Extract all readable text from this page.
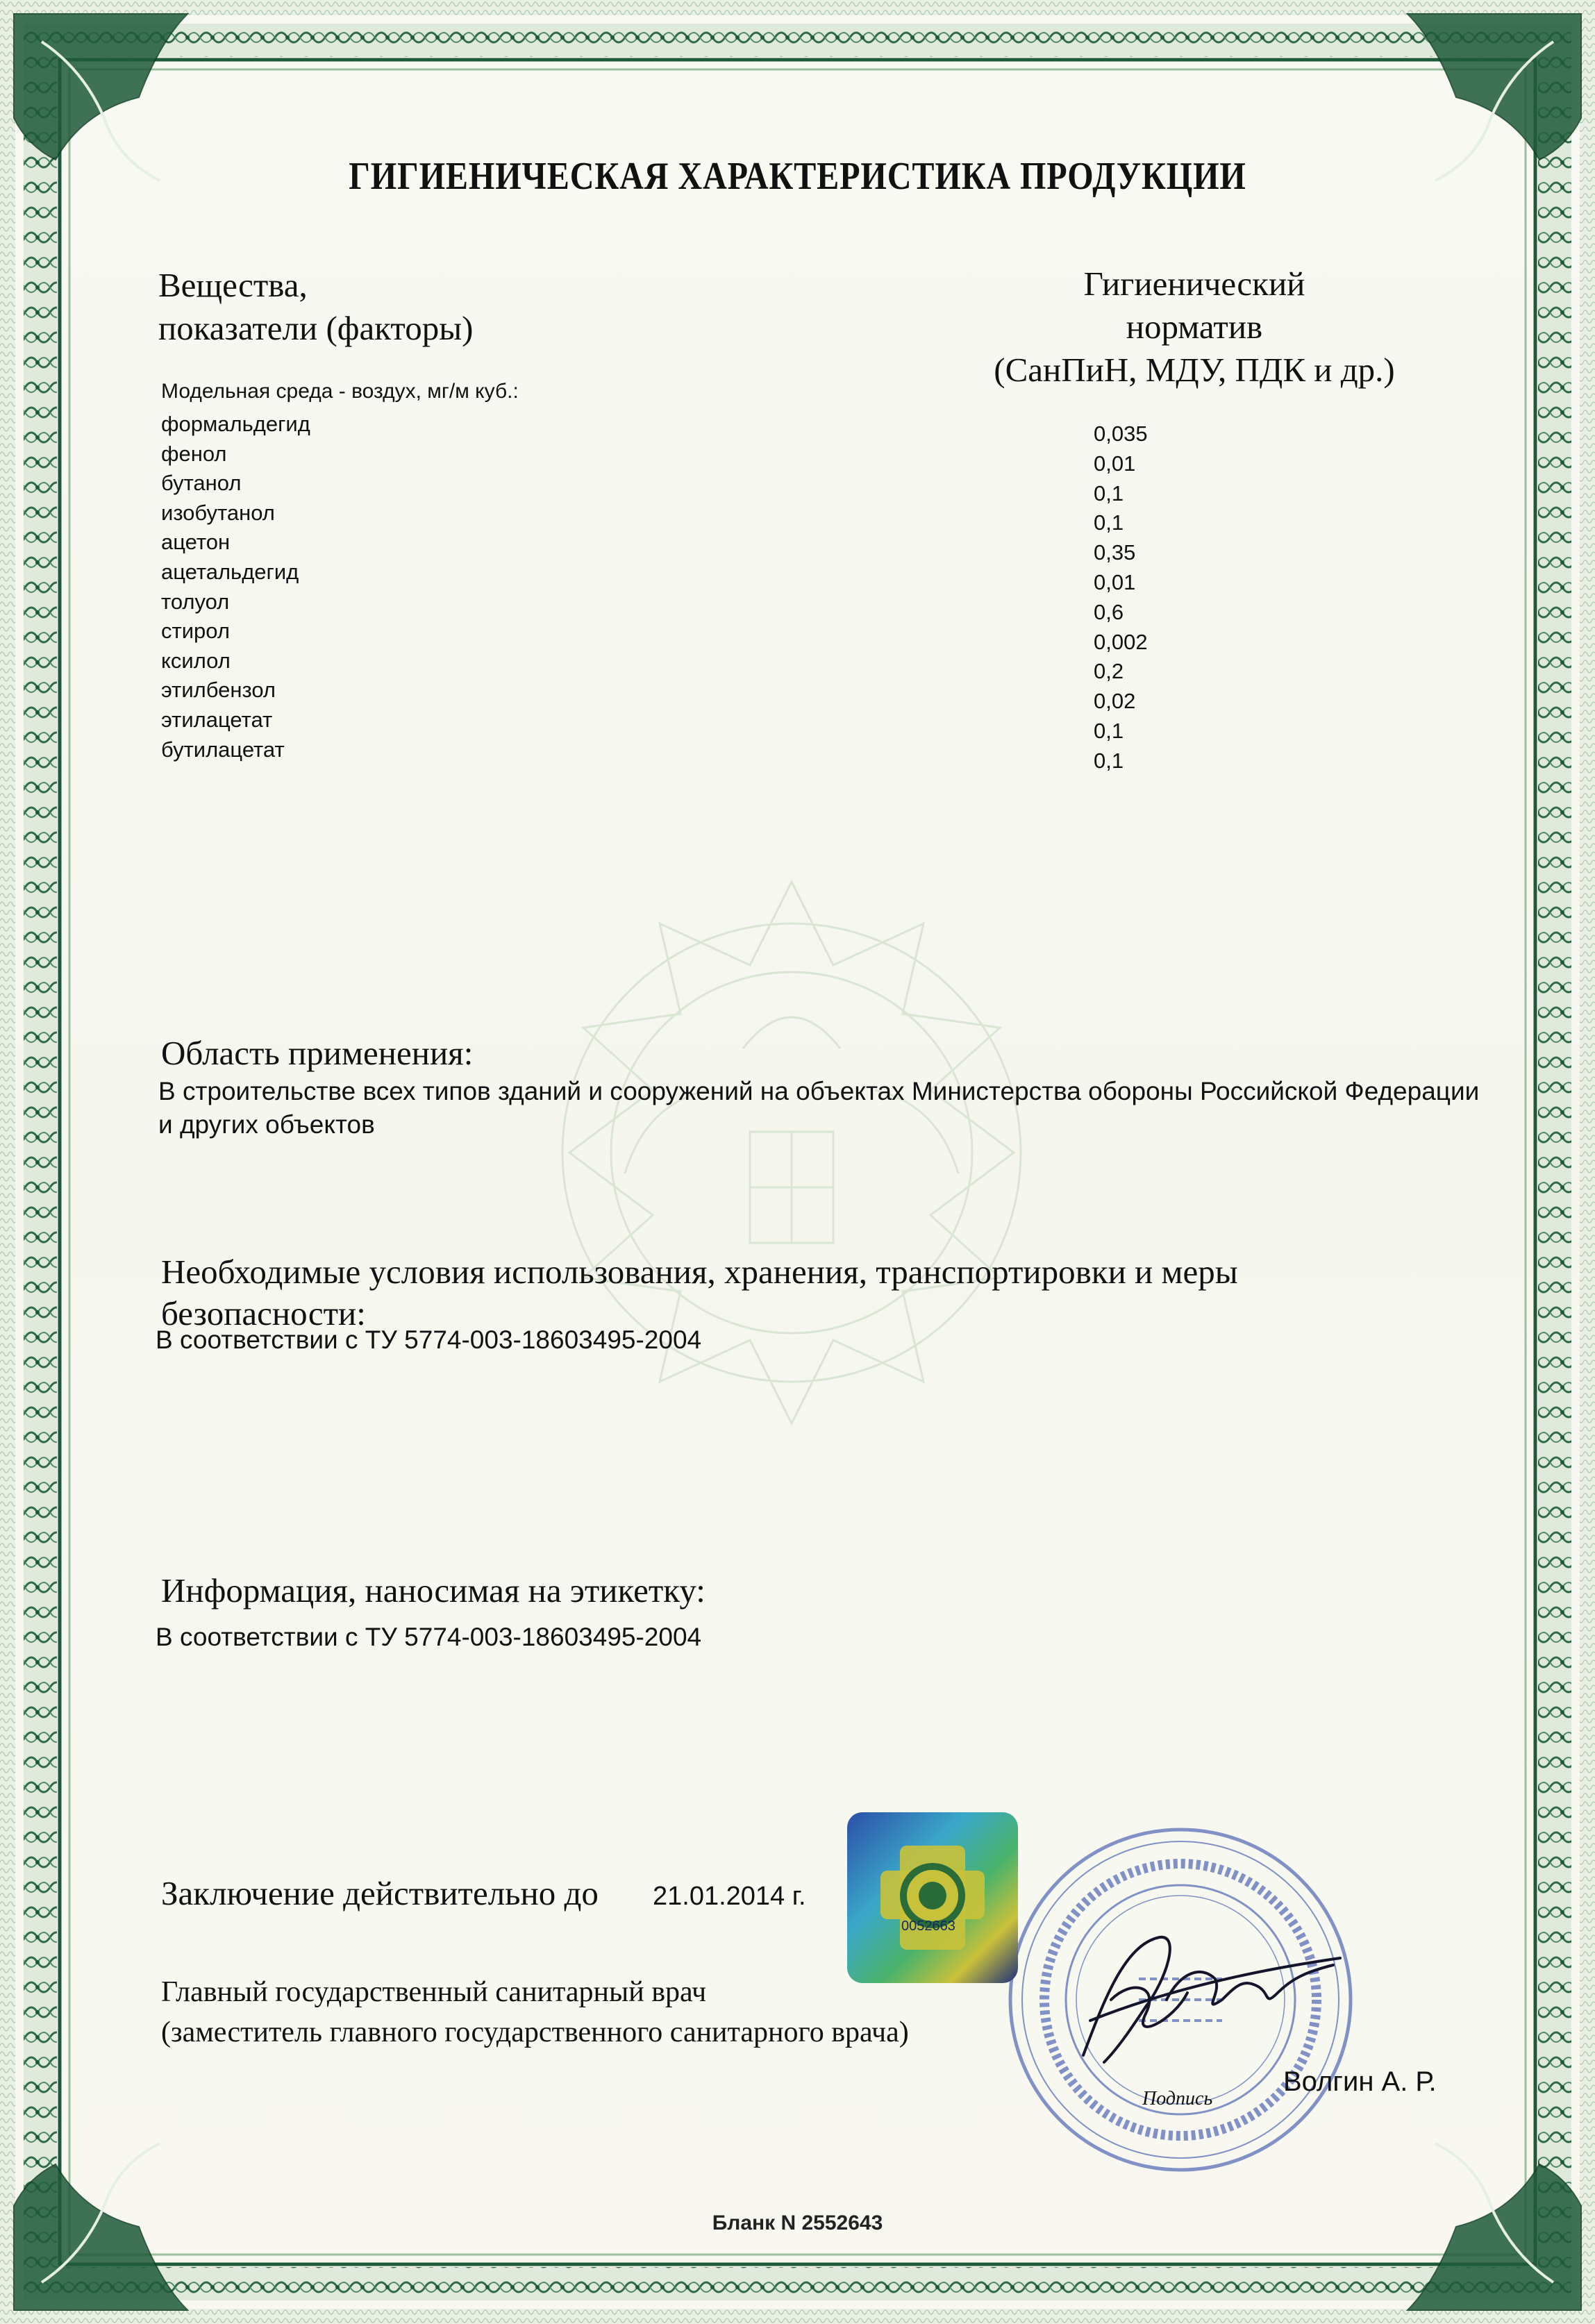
ГИГИЕНИЧЕСКАЯ ХАРАКТЕРИСТИКА ПРОДУКЦИИ
Вещества,
показатели (факторы)
Гигиенический
норматив
(СанПиН, МДУ, ПДК и др.)
Модельная среда - воздух, мг/м куб.:
формальдегид
фенол
бутанол
изобутанол
ацетон
ацетальдегид
толуол
стирол
ксилол
этилбензол
этилацетат
бутилацетат
0,035
0,01
0,1
0,1
0,35
0,01
0,6
0,002
0,2
0,02
0,1
0,1
Область применения:
В строительстве всех типов зданий и сооружений на объектах Министерства обороны Российской Федерации и других объектов
Необходимые условия использования, хранения, транспортировки и меры безопасности:
В соответствии с ТУ 5774-003-18603495-2004
Информация, наносимая на этикетку:
В соответствии с ТУ 5774-003-18603495-2004
Заключение действительно до 21.01.2014 г.
Главный государственный санитарный врач
(заместитель главного государственного санитарного врача)
0052663
Подпись
Волгин А. Р.
Бланк N 2552643
